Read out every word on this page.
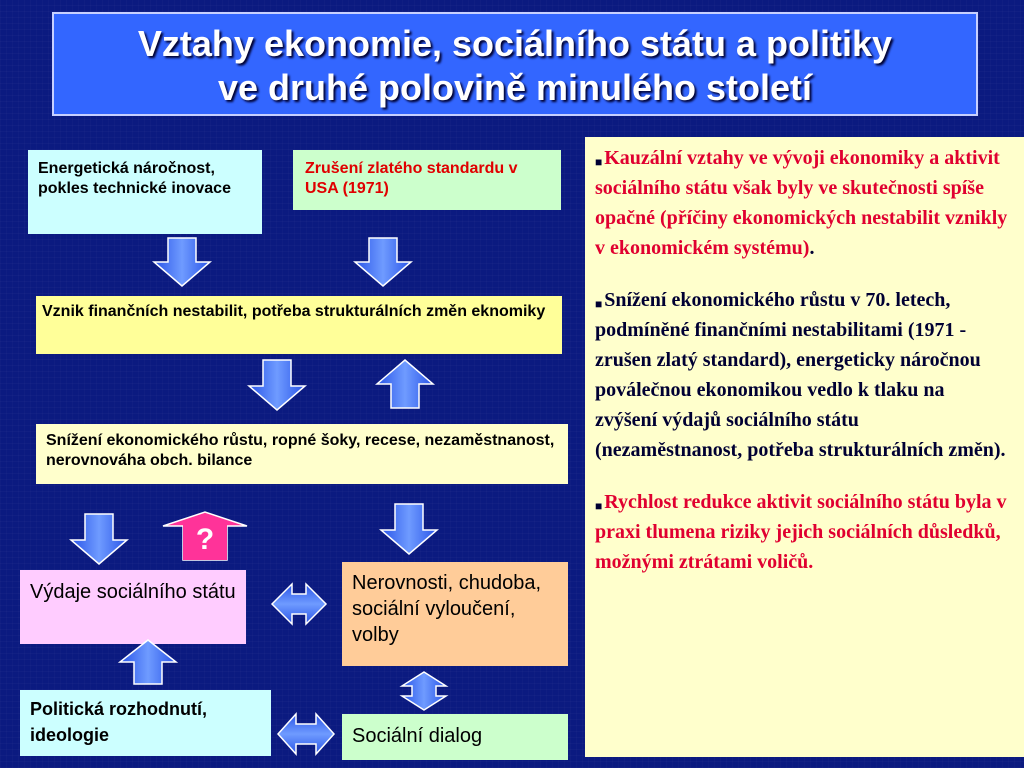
Vztahy ekonomie, sociálního státu a politiky
ve druhé polovině minulého století
Energetická náročnost, pokles technické inovace
Zrušení zlatého standardu v USA (1971)
Vznik finančních nestabilit, potřeba strukturálních změn eknomiky
Snížení ekonomického růstu, ropné šoky, recese, nezaměstnanost, nerovnováha obch. bilance
Výdaje sociálního státu	Nerovnosti, chudoba, sociální vyloučení, volby
Politická rozhodnutí, ideologie	Sociální dialog
?

■ Kauzální vztahy ve vývoji ekonomiky a aktivit sociálního státu však byly ve skutečnosti spíše opačné (příčiny ekonomických nestabilit vznikly v ekonomickém systému).

■ Snížení ekonomického růstu v 70. letech, podmíněné finančními nestabilitami (1971 - zrušen zlatý standard), energeticky náročnou poválečnou ekonomikou vedlo k tlaku na zvýšení výdajů sociálního státu (nezaměstnanost, potřeba strukturálních změn).

■ Rychlost redukce aktivit sociálního státu byla v praxi tlumena riziky jejich sociálních důsledků, možnými ztrátami voličů.
